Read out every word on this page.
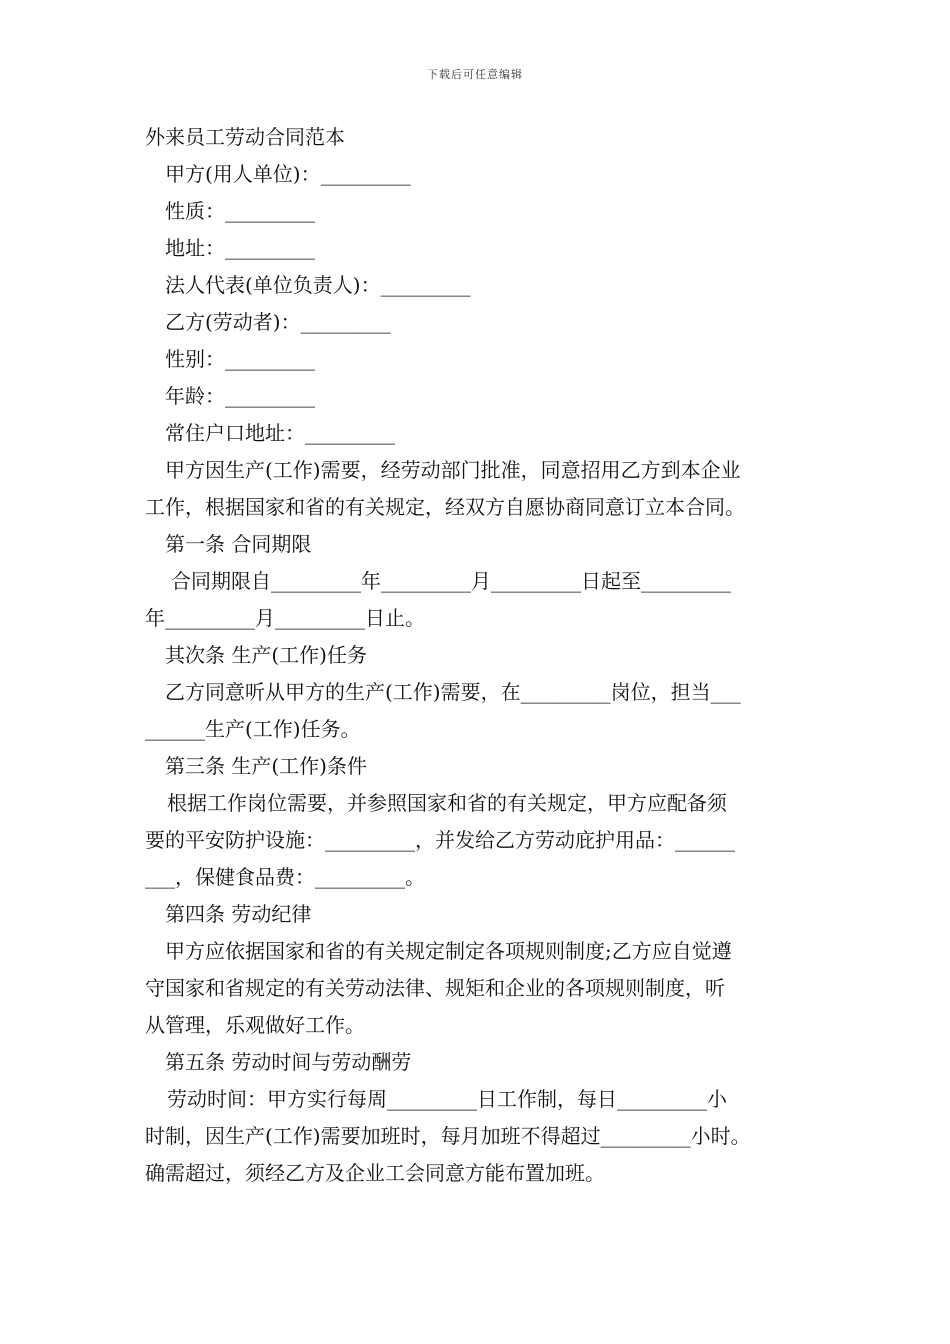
下载后可任意编辑
外来员工劳动合同范本
甲方(用人单位)：_________
性质：_________
地址：_________
法人代表(单位负责人)：_________
乙方(劳动者)：_________
性别：_________
年龄：_________
常住户口地址：_________
甲方因生产(工作)需要，经劳动部门批准，同意招用乙方到本企业
工作，根据国家和省的有关规定，经双方自愿协商同意订立本合同。
第一条 合同期限
合同期限自_________年_________月_________日起至_________
年_________月_________日止。
其次条 生产(工作)任务
乙方同意听从甲方的生产(工作)需要，在_________岗位，担当___
______生产(工作)任务。
第三条 生产(工作)条件
根据工作岗位需要，并参照国家和省的有关规定，甲方应配备须
要的平安防护设施：_________，并发给乙方劳动庇护用品：______
___，保健食品费：_________。
第四条 劳动纪律
甲方应依据国家和省的有关规定制定各项规则制度;乙方应自觉遵
守国家和省规定的有关劳动法律、规矩和企业的各项规则制度，听
从管理，乐观做好工作。
第五条 劳动时间与劳动酬劳
劳动时间：甲方实行每周_________日工作制，每日_________小
时制，因生产(工作)需要加班时，每月加班不得超过_________小时。
确需超过，须经乙方及企业工会同意方能布置加班。
